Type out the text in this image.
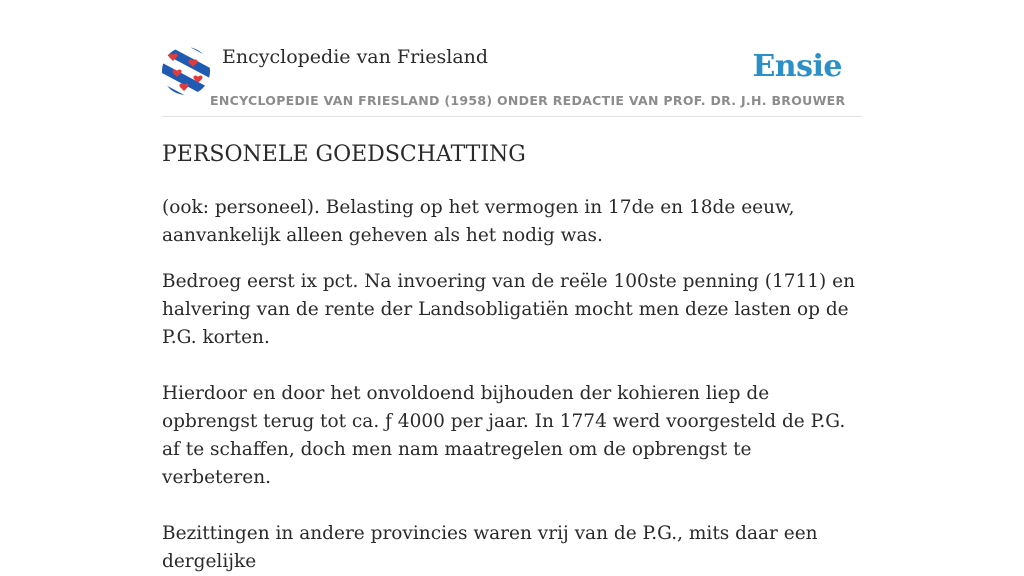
Encyclopedie van Friesland
ENCYCLOPEDIE VAN FRIESLAND (1958) ONDER REDACTIE VAN PROF. DR. J.H. BROUWER
Ensie
PERSONELE GOEDSCHATTING

(ook: personeel). Belasting op het vermogen in 17de en 18de eeuw, aanvankelijk alleen geheven als het nodig was.

Bedroeg eerst ix pct. Na invoering van de reële 100ste penning (1711) en halvering van de rente der Landsobligatiën mocht men deze lasten op de P.G. korten.

Hierdoor en door het onvoldoend bijhouden der kohieren liep de opbrengst terug tot ca. ƒ 4000 per jaar. In 1774 werd voorgesteld de P.G. af te schaffen, doch men nam maatregelen om de opbrengst te verbeteren.

Bezittingen in andere provincies waren vrij van de P.G., mits daar een dergelijke
